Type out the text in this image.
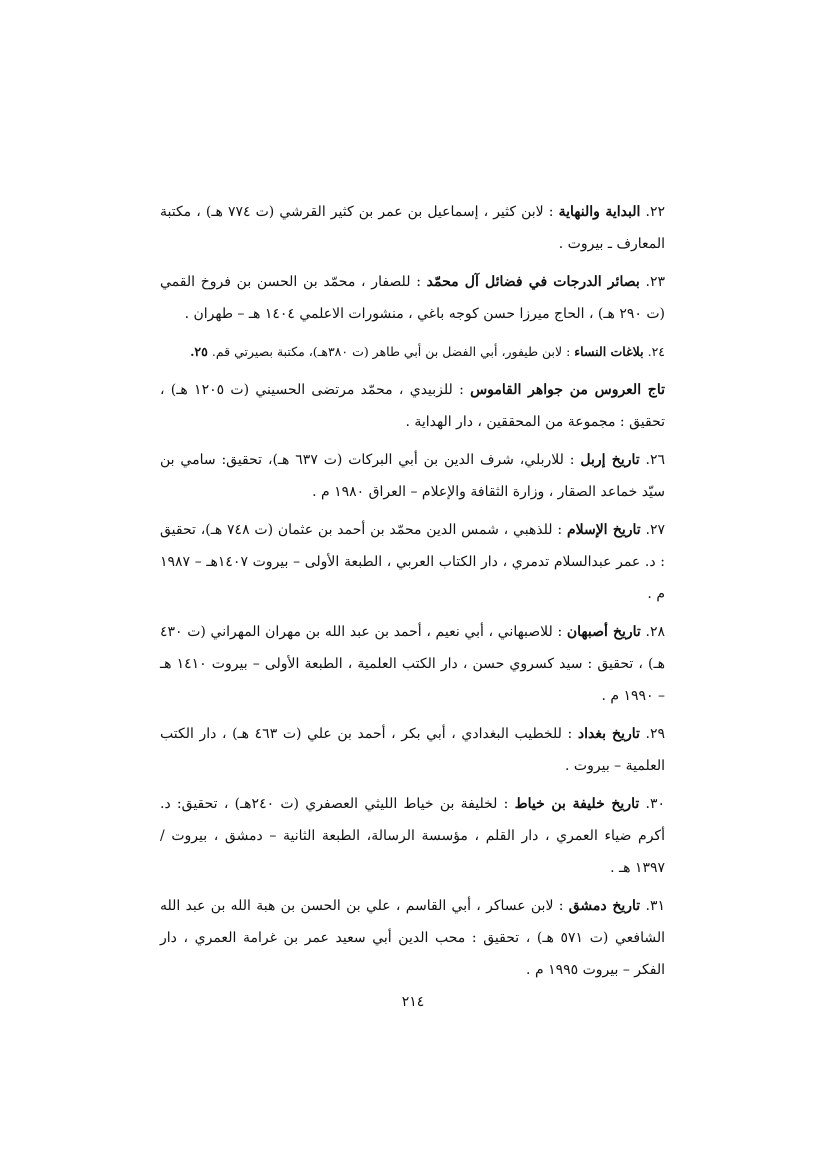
٢٢. البداية والنهاية : لابن كثير ، إسماعيل بن عمر بن كثير القرشي (ت ٧٧٤ هـ) ، مكتبة المعارف ـ بيروت .

٢٣. بصائر الدرجات في فضائل آل محمّد : للصفار ، محمّد بن الحسن بن فروخ القمي (ت ٢٩٠ هـ) ، الحاج ميرزا حسن كوجه باغي ، منشورات الاعلمي ١٤٠٤ هـ – طهران .

٢٤. بلاغات النساء : لابن طيفور، أبي الفضل بن أبي طاهر (ت ٣٨٠هـ)، مكتبة بصيرتي قم. ٢٥.

تاج العروس من جواهر القاموس : للزبيدي ، محمّد مرتضى الحسيني (ت ١٢٠٥ هـ) ، تحقيق : مجموعة من المحققين ، دار الهداية .

٢٦. تاريخ إربل : للاربلي، شرف الدين بن أبي البركات (ت ٦٣٧ هـ)، تحقيق: سامي بن سيّد خماعد الصقار ، وزارة الثقافة والإعلام – العراق ١٩٨٠ م .

٢٧. تاريخ الإسلام : للذهبي ، شمس الدين محمّد بن أحمد بن عثمان (ت ٧٤٨ هـ)، تحقيق : د. عمر عبدالسلام تدمري ، دار الكتاب العربي ، الطبعة الأولى – بيروت ١٤٠٧هـ – ١٩٨٧ م .

٢٨. تاريخ أصبهان : للاصبهاني ، أبي نعيم ، أحمد بن عبد الله بن مهران المهراني (ت ٤٣٠ هـ) ، تحقيق : سيد كسروي حسن ، دار الكتب العلمية ، الطبعة الأولى – بيروت ١٤١٠ هـ – ١٩٩٠ م .

٢٩. تاريخ بغداد : للخطيب البغدادي ، أبي بكر ، أحمد بن علي (ت ٤٦٣ هـ) ، دار الكتب العلمية – بيروت .

٣٠. تاريخ خليفة بن خياط : لخليفة بن خياط الليثي العصفري (ت ٢٤٠هـ) ، تحقيق: د. أكرم ضياء العمري ، دار القلم ، مؤسسة الرسالة، الطبعة الثانية – دمشق ، بيروت / ١٣٩٧ هـ .

٣١. تاريخ دمشق : لابن عساكر ، أبي القاسم ، علي بن الحسن بن هبة الله بن عبد الله الشافعي (ت ٥٧١ هـ) ، تحقيق : محب الدين أبي سعيد عمر بن غرامة العمري ، دار الفكر – بيروت ١٩٩٥ م .

٢١٤
